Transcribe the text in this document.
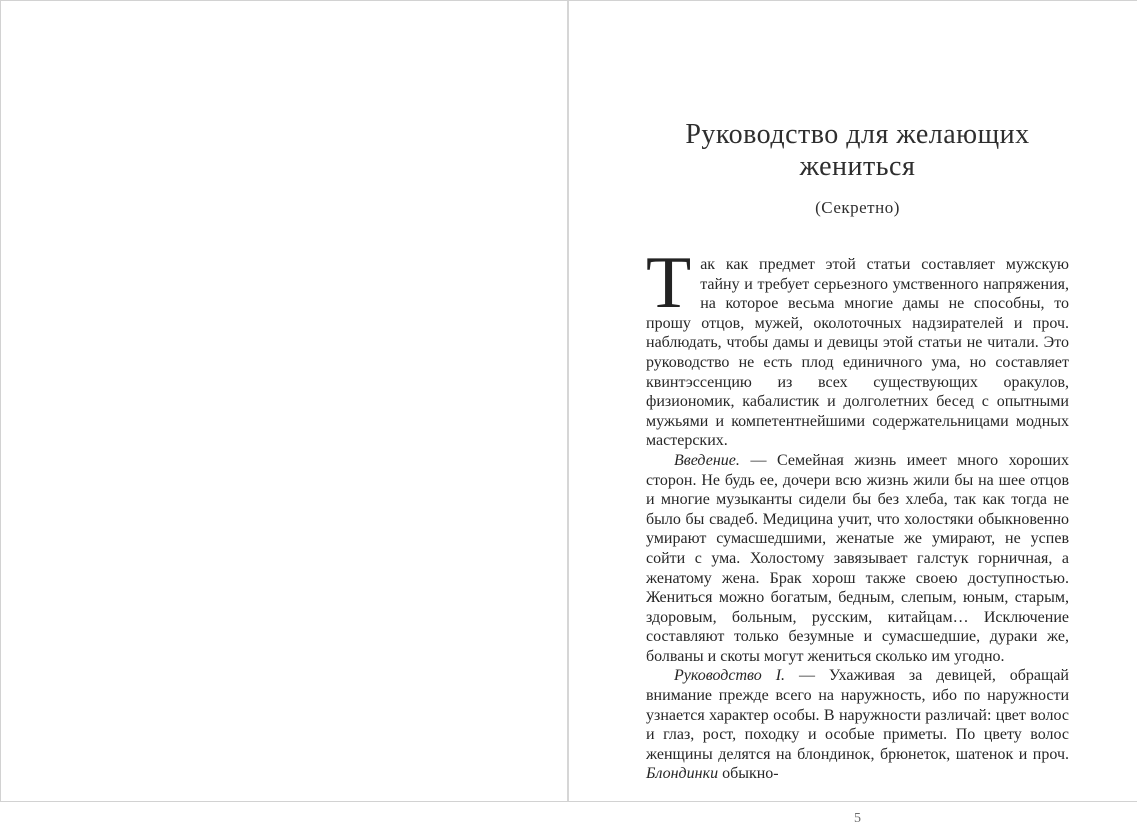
Руководство для желающих жениться
(Секретно)

Так как предмет этой статьи составляет мужскую тайну и требует серьезного умственного напряжения, на которое весьма многие дамы не способны, то прошу отцов, мужей, околоточных надзирателей и проч. наблюдать, чтобы дамы и девицы этой статьи не читали. Это руководство не есть плод единичного ума, но составляет квинтэссенцию из всех существующих оракулов, физиономик, кабалистик и долголетних бесед с опытными мужьями и компетентнейшими содержательницами модных мастерских.

Введение. — Семейная жизнь имеет много хороших сторон. Не будь ее, дочери всю жизнь жили бы на шее отцов и многие музыканты сидели бы без хлеба, так как тогда не было бы свадеб. Медицина учит, что холостяки обыкновенно умирают сумасшедшими, женатые же умирают, не успев сойти с ума. Холостому завязывает галстук горничная, а женатому жена. Брак хорош также своею доступностью. Жениться можно богатым, бедным, слепым, юным, старым, здоровым, больным, русским, китайцам… Исключение составляют только безумные и сумасшедшие, дураки же, болваны и скоты могут жениться сколько им угодно.

Руководство I. — Ухаживая за девицей, обращай внимание прежде всего на наружность, ибо по наружности узнается характер особы. В наружности различай: цвет волос и глаз, рост, походку и особые приметы. По цвету волос женщины делятся на блондинок, брюнеток, шатенок и проч. Блондинки обыкно-

5
